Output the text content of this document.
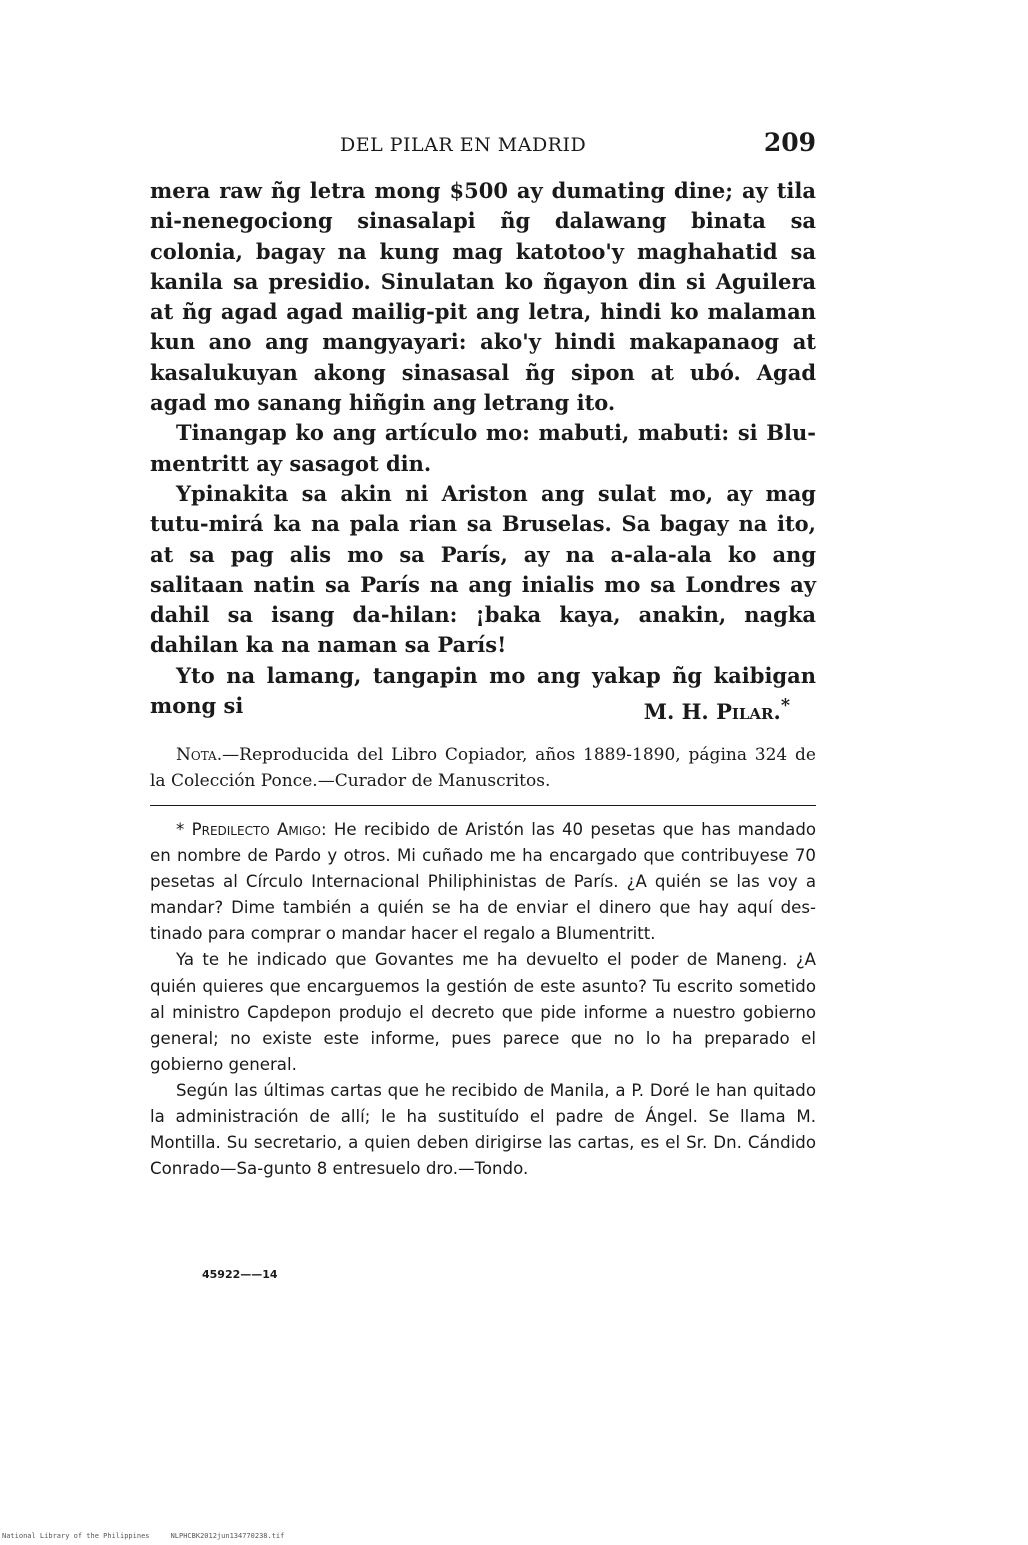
DEL PILAR EN MADRID	209

mera raw ñg letra mong $500 ay dumating dine; ay tila ni-nenegociong sinasalapi ñg dalawang binata sa colonia, bagay na kung mag katotoo'y maghahatid sa kanila sa presidio. Sinulatan ko ñgayon din si Aguilera at ñg agad agad mailig-pit ang letra, hindi ko malaman kun ano ang mangyayari: ako'y hindi makapanaog at kasalukuyan akong sinasasal ñg sipon at ubó. Agad agad mo sanang hiñgin ang letrang ito.

Tinangap ko ang artículo mo: mabuti, mabuti: si Blu-mentritt ay sasagot din.

Ypinakita sa akin ni Ariston ang sulat mo, ay mag tutu-mirá ka na pala rian sa Bruselas. Sa bagay na ito, at sa pag alis mo sa París, ay na a-ala-ala ko ang salitaan natin sa París na ang inialis mo sa Londres ay dahil sa isang da-hilan: ¡baka kaya, anakin, nagka dahilan ka na naman sa París!

Yto na lamang, tangapin mo ang yakap ñg kaibigan mong si	M. H. Pilar.*

Nota.—Reproducida del Libro Copiador, años 1889-1890, página 324 de la Colección Ponce.—Curador de Manuscritos.

* Predilecto Amigo: He recibido de Aristón las 40 pesetas que has mandado en nombre de Pardo y otros. Mi cuñado me ha encargado que contribuyese 70 pesetas al Círculo Internacional Philiphinistas de París. ¿A quién se las voy a mandar? Dime también a quién se ha de enviar el dinero que hay aquí des-tinado para comprar o mandar hacer el regalo a Blumentritt.

Ya te he indicado que Govantes me ha devuelto el poder de Maneng. ¿A quién quieres que encarguemos la gestión de este asunto? Tu escrito sometido al ministro Capdepon produjo el decreto que pide informe a nuestro gobierno general; no existe este informe, pues parece que no lo ha preparado el gobierno general.

Según las últimas cartas que he recibido de Manila, a P. Doré le han quitado la administración de allí; le ha sustituído el padre de Ángel. Se llama M. Montilla. Su secretario, a quien deben dirigirse las cartas, es el Sr. Dn. Cándido Conrado—Sa-gunto 8 entresuelo dro.—Tondo.

45922——14
National Library of the Philippines     NLPHCBK2012jun134770238.tif
